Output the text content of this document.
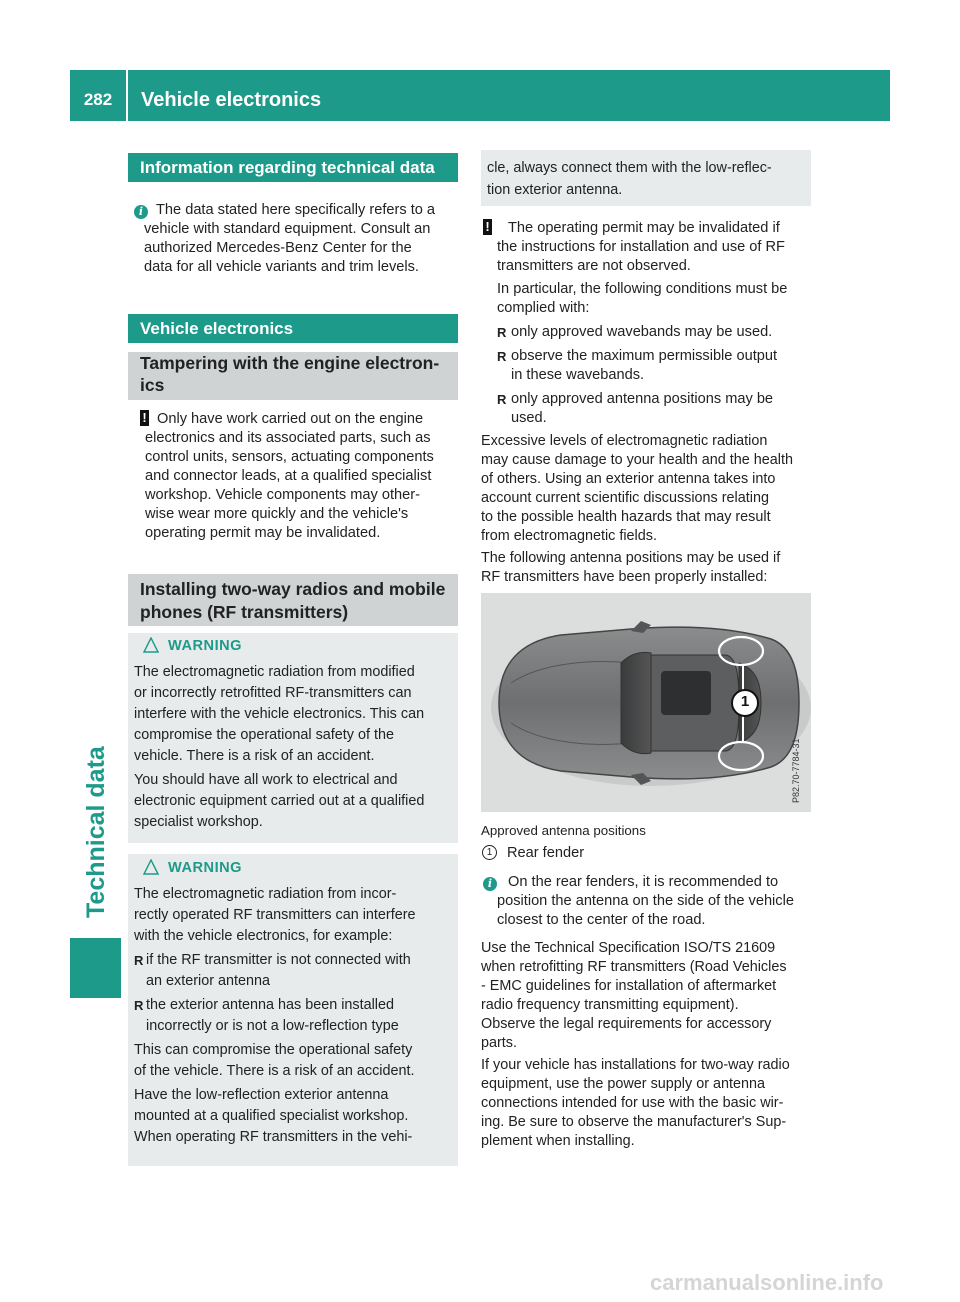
282	Vehicle electronics
Technical data
Information regarding technical data
i The data stated here specifically refers to a
vehicle with standard equipment. Consult an
authorized Mercedes-Benz Center for the
data for all vehicle variants and trim levels.
Vehicle electronics
Tampering with the engine electron-
ics
! Only have work carried out on the engine
electronics and its associated parts, such as
control units, sensors, actuating components
and connector leads, at a qualified specialist
workshop. Vehicle components may other-
wise wear more quickly and the vehicle's
operating permit may be invalidated.
Installing two-way radios and mobile
phones (RF transmitters)
WARNING
The electromagnetic radiation from modified
or incorrectly retrofitted RF-transmitters can
interfere with the vehicle electronics. This can
compromise the operational safety of the
vehicle. There is a risk of an accident.
You should have all work to electrical and
electronic equipment carried out at a qualified
specialist workshop.
WARNING
The electromagnetic radiation from incor-
rectly operated RF transmitters can interfere
with the vehicle electronics, for example:
R if the RF transmitter is not connected with
an exterior antenna
R the exterior antenna has been installed
incorrectly or is not a low-reflection type
This can compromise the operational safety
of the vehicle. There is a risk of an accident.
Have the low-reflection exterior antenna
mounted at a qualified specialist workshop.
When operating RF transmitters in the vehi-
cle, always connect them with the low-reflec-
tion exterior antenna.
! The operating permit may be invalidated if
the instructions for installation and use of RF
transmitters are not observed.
In particular, the following conditions must be
complied with:
R only approved wavebands may be used.
R observe the maximum permissible output
in these wavebands.
R only approved antenna positions may be
used.
Excessive levels of electromagnetic radiation
may cause damage to your health and the health
of others. Using an exterior antenna takes into
account current scientific discussions relating
to the possible health hazards that may result
from electromagnetic fields.
The following antenna positions may be used if
RF transmitters have been properly installed:
1
P82.70-7784-31
Approved antenna positions
1	Rear fender
i	On the rear fenders, it is recommended to
position the antenna on the side of the vehicle
closest to the center of the road.
Use the Technical Specification ISO/TS 21609
when retrofitting RF transmitters (Road Vehicles
- EMC guidelines for installation of aftermarket
radio frequency transmitting equipment).
Observe the legal requirements for accessory
parts.
If your vehicle has installations for two-way radio
equipment, use the power supply or antenna
connections intended for use with the basic wir-
ing. Be sure to observe the manufacturer's Sup-
plement when installing.
carmanualsonline.info
